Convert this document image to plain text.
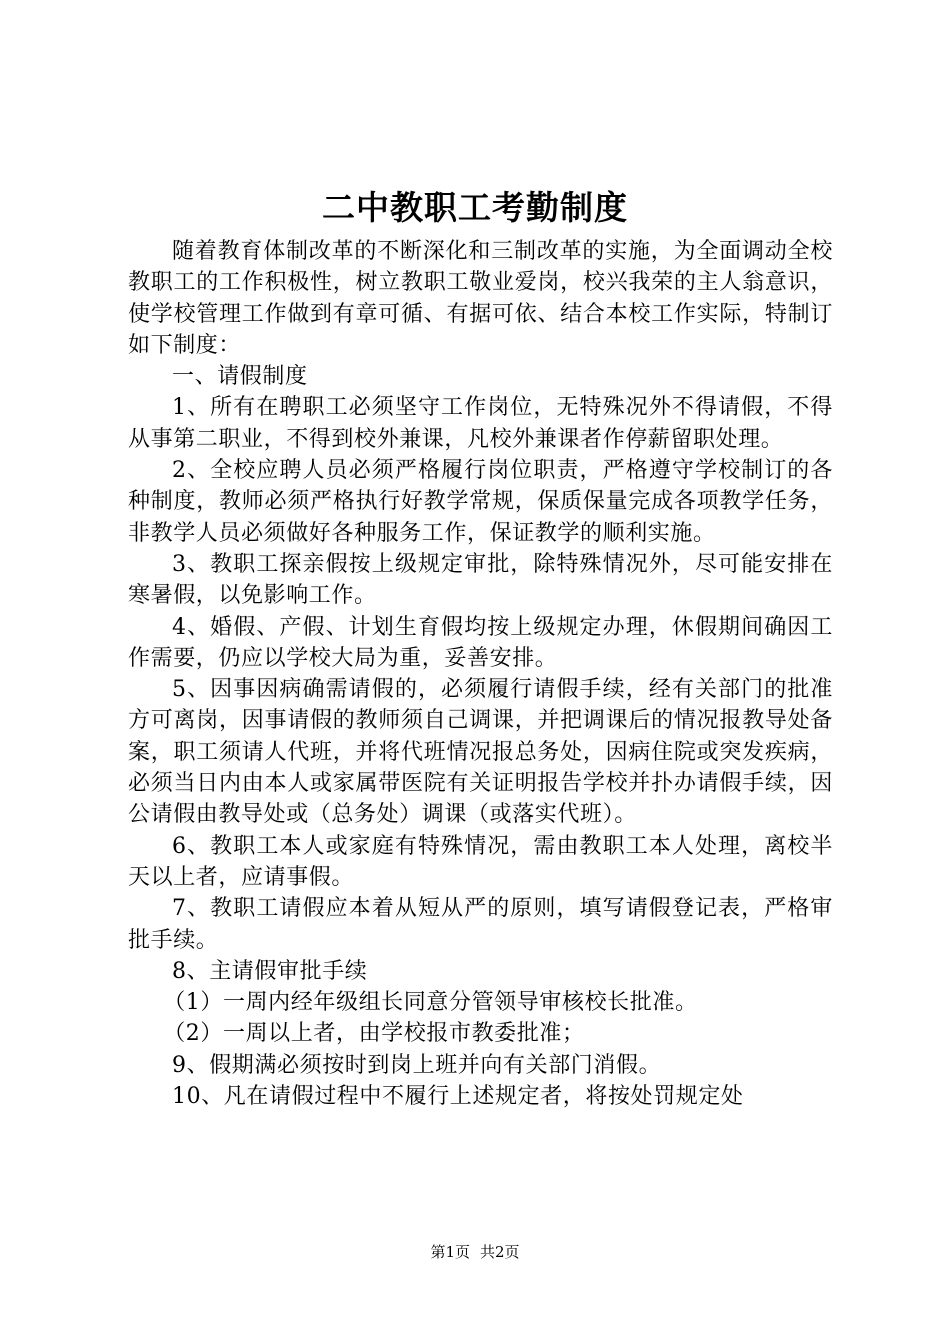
二中教职工考勤制度

随着教育体制改革的不断深化和三制改革的实施，为全面调动全校教职工的工作积极性，树立教职工敬业爱岗，校兴我荣的主人翁意识，使学校管理工作做到有章可循、有据可依、结合本校工作实际，特制订如下制度：

一、请假制度

1、所有在聘职工必须坚守工作岗位，无特殊况外不得请假，不得从事第二职业，不得到校外兼课，凡校外兼课者作停薪留职处理。

2、全校应聘人员必须严格履行岗位职责，严格遵守学校制订的各种制度，教师必须严格执行好教学常规，保质保量完成各项教学任务，非教学人员必须做好各种服务工作，保证教学的顺利实施。

3、教职工探亲假按上级规定审批，除特殊情况外，尽可能安排在寒暑假，以免影响工作。

4、婚假、产假、计划生育假均按上级规定办理，休假期间确因工作需要，仍应以学校大局为重，妥善安排。

5、因事因病确需请假的，必须履行请假手续，经有关部门的批准方可离岗，因事请假的教师须自己调课，并把调课后的情况报教导处备案，职工须请人代班，并将代班情况报总务处，因病住院或突发疾病，必须当日内由本人或家属带医院有关证明报告学校并扑办请假手续，因公请假由教导处或（总务处）调课（或落实代班）。

6、教职工本人或家庭有特殊情况，需由教职工本人处理，离校半天以上者，应请事假。

7、教职工请假应本着从短从严的原则，填写请假登记表，严格审批手续。

8、主请假审批手续

（1）一周内经年级组长同意分管领导审核校长批准。

（2）一周以上者，由学校报市教委批准；

9、假期满必须按时到岗上班并向有关部门消假。

10、凡在请假过程中不履行上述规定者，将按处罚规定处

第1页 共2页
